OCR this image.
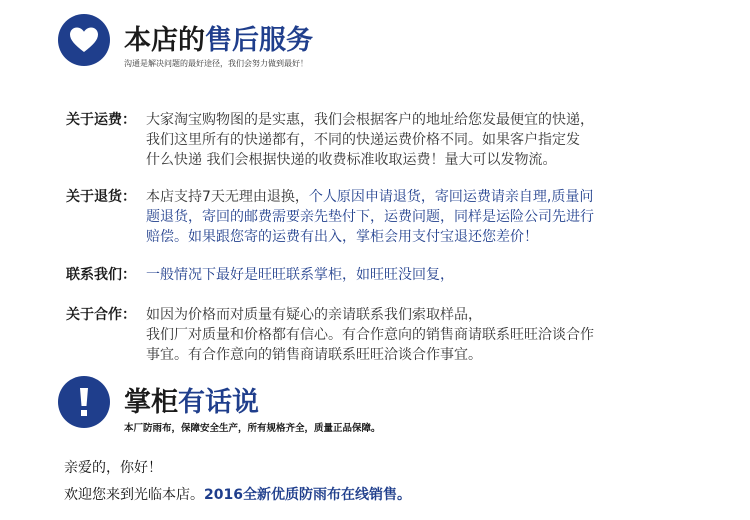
本店的售后服务
沟通是解决问题的最好途径，我们会努力做到最好！
关于运费： 大家淘宝购物图的是实惠，我们会根据客户的地址给您发最便宜的快递，
我们这里所有的快递都有，不同的快递运费价格不同。如果客户指定发
什么快递 我们会根据快递的收费标准收取运费！量大可以发物流。
关于退货： 本店支持7天无理由退换，个人原因申请退货，寄回运费请亲自理,质量问
题退货，寄回的邮费需要亲先垫付下，运费问题，同样是运险公司先进行
赔偿。如果跟您寄的运费有出入，掌柜会用支付宝退还您差价！
联系我们： 一般情况下最好是旺旺联系掌柜，如旺旺没回复，
关于合作： 如因为价格而对质量有疑心的亲请联系我们索取样品，
我们厂对质量和价格都有信心。有合作意向的销售商请联系旺旺洽谈合作
事宜。有合作意向的销售商请联系旺旺洽谈合作事宜。
掌柜有话说
本厂防雨布，保障安全生产，所有规格齐全，质量正品保障。
亲爱的，你好！
欢迎您来到光临本店。2016全新优质防雨布在线销售。
